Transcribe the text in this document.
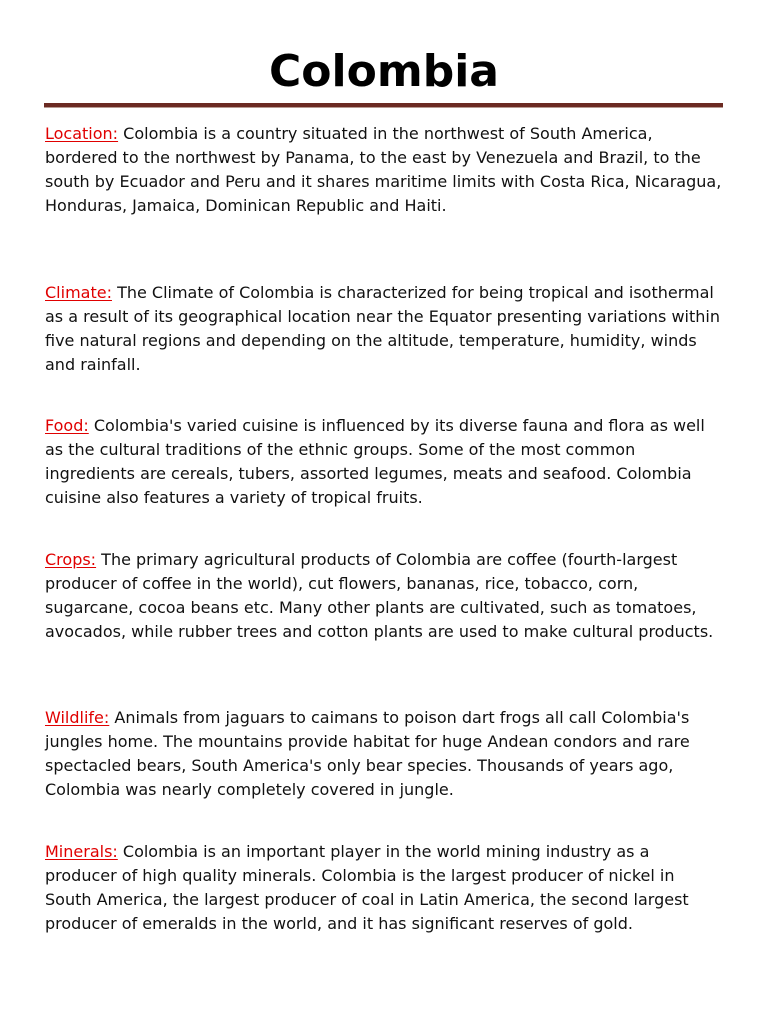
Colombia

Location: Colombia is a country situated in the northwest of South America, bordered to the northwest by Panama, to the east by Venezuela and Brazil, to the south by Ecuador and Peru and it shares maritime limits with Costa Rica, Nicaragua, Honduras, Jamaica, Dominican Republic and Haiti.

Climate: The Climate of Colombia is characterized for being tropical and isothermal as a result of its geographical location near the Equator presenting variations within five natural regions and depending on the altitude, temperature, humidity, winds and rainfall.

Food: Colombia's varied cuisine is influenced by its diverse fauna and flora as well as the cultural traditions of the ethnic groups. Some of the most common ingredients are cereals, tubers, assorted legumes, meats and seafood. Colombia cuisine also features a variety of tropical fruits.

Crops: The primary agricultural products of Colombia are coffee (fourth-largest producer of coffee in the world), cut flowers, bananas, rice, tobacco, corn, sugarcane, cocoa beans etc. Many other plants are cultivated, such as tomatoes, avocados, while rubber trees and cotton plants are used to make cultural products.

Wildlife: Animals from jaguars to caimans to poison dart frogs all call Colombia's jungles home. The mountains provide habitat for huge Andean condors and rare spectacled bears, South America's only bear species. Thousands of years ago, Colombia was nearly completely covered in jungle.

Minerals: Colombia is an important player in the world mining industry as a producer of high quality minerals. Colombia is the largest producer of nickel in South America, the largest producer of coal in Latin America, the second largest producer of emeralds in the world, and it has significant reserves of gold.
